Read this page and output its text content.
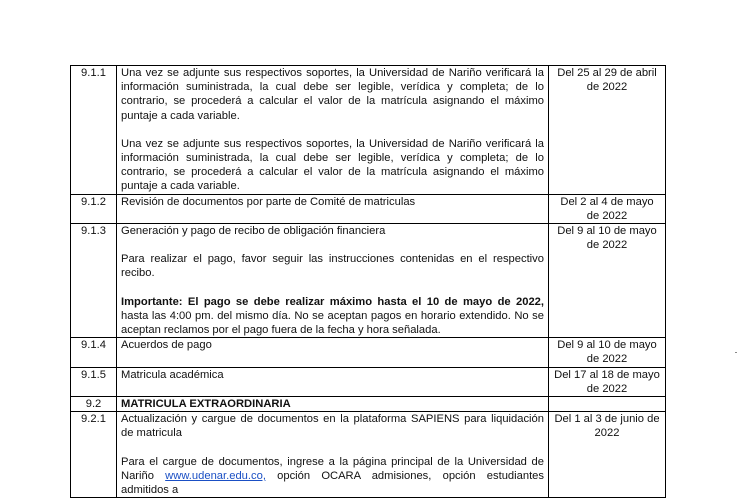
9.1.1	Una vez se adjunte sus respectivos soportes, la Universidad de Nariño verificará la información suministrada, la cual debe ser legible, verídica y completa; de lo contrario, se procederá a calcular el valor de la matrícula asignando el máximo puntaje a cada variable.

Una vez se adjunte sus respectivos soportes, la Universidad de Nariño verificará la información suministrada, la cual debe ser legible, verídica y completa; de lo contrario, se procederá a calcular el valor de la matrícula asignando el máximo puntaje a cada variable.	Del 25 al 29 de abril de 2022
9.1.2	Revisión de documentos por parte de Comité de matriculas	Del 2 al 4 de mayo de 2022
9.1.3	Generación y pago de recibo de obligación financiera

Para realizar el pago, favor seguir las instrucciones contenidas en el respectivo recibo.

Importante: El pago se debe realizar máximo hasta el 10 de mayo de 2022, hasta las 4:00 pm. del mismo día. No se aceptan pagos en horario extendido. No se aceptan reclamos por el pago fuera de la fecha y hora señalada.	Del 9 al 10 de mayo de 2022
9.1.4	Acuerdos de pago	Del 9 al 10 de mayo de 2022
9.1.5	Matricula académica	Del 17 al 18 de mayo de 2022
9.2	MATRICULA EXTRAORDINARIA	
9.2.1	Actualización y cargue de documentos en la plataforma SAPIENS para liquidación de matricula

Para el cargue de documentos, ingrese a la página principal de la Universidad de Nariño www.udenar.edu.co, opción OCARA admisiones, opción estudiantes admitidos a	Del 1 al 3 de junio de 2022
